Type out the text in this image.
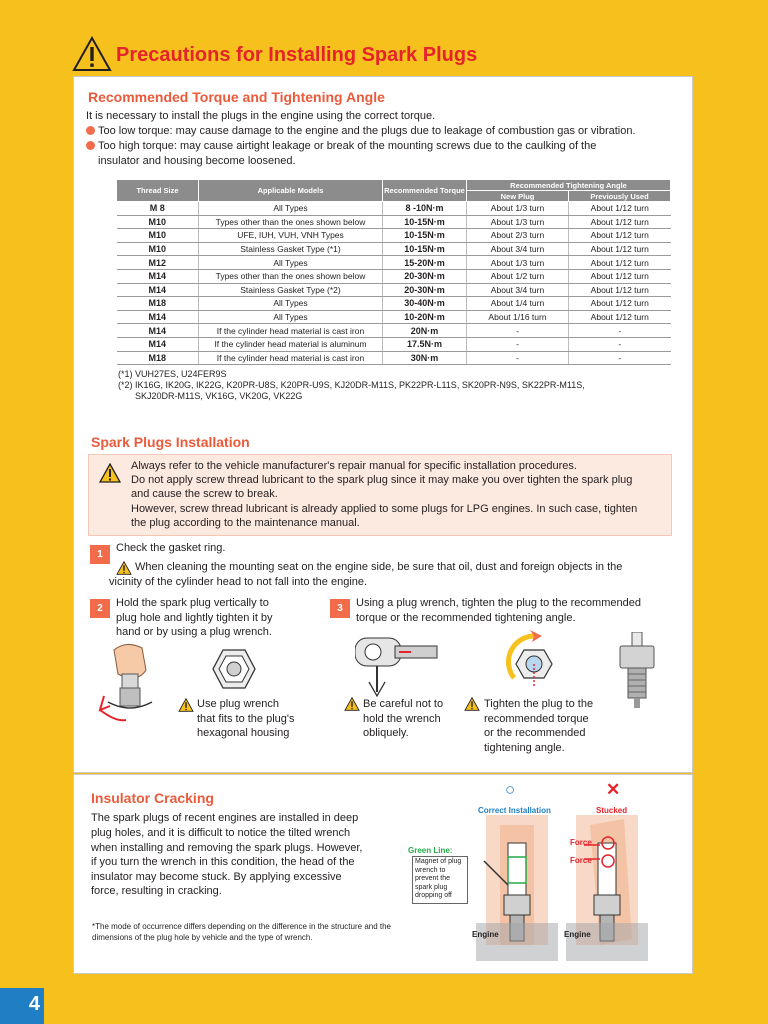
Precautions for Installing Spark Plugs
Recommended Torque and Tightening Angle
It is necessary to install the plugs in the engine using the correct torque.
Too low torque: may cause damage to the engine and the plugs due to leakage of combustion gas or vibration.
Too high torque: may cause airtight leakage or break of the mounting screws due to the caulking of the
insulator and housing become loosened.
Thread Size	Applicable Models	Recommended Torque	Recommended Tightening Angle	
			New Plug	Previously Used
M 8	All Types	8 -10N·m	About 1/3 turn	About 1/12 turn
M10	Types other than the ones shown below	10-15N·m	About 1/3 turn	About 1/12 turn
M10	UFE, IUH, VUH, VNH Types	10-15N·m	About 2/3 turn	About 1/12 turn
M10	Stainless Gasket Type (*1)	10-15N·m	About 3/4 turn	About 1/12 turn
M12	All Types	15-20N·m	About 1/3 turn	About 1/12 turn
M14	Types other than the ones shown below	20-30N·m	About 1/2 turn	About 1/12 turn
M14	Stainless Gasket Type (*2)	20-30N·m	About 3/4 turn	About 1/12 turn
M18	All Types	30-40N·m	About 1/4 turn	About 1/12 turn
M14	All Types	10-20N·m	About 1/16 turn	About 1/12 turn
M14	If the cylinder head material is cast iron	20N·m	-	-
M14	If the cylinder head material is aluminum	17.5N·m	-	-
M18	If the cylinder head material is cast iron	30N·m	-	-
(*1) VUH27ES, U24FER9S
(*2) IK16G, IK20G, IK22G, K20PR-U8S, K20PR-U9S, KJ20DR-M11S, PK22PR-L11S, SK20PR-N9S, SK22PR-M11S,
SKJ20DR-M11S, VK16G, VK20G, VK22G
Spark Plugs Installation
Always refer to the vehicle manufacturer's repair manual for specific installation procedures.
Do not apply screw thread lubricant to the spark plug since it may make you over tighten the spark plug
and cause the screw to break.
However, screw thread lubricant is already applied to some plugs for LPG engines. In such case, tighten
the plug according to the maintenance manual.
1
Check the gasket ring.
When cleaning the mounting seat on the engine side, be sure that oil, dust and foreign objects in the
vicinity of the cylinder head to not fall into the engine.
2	Hold the spark plug vertically to
plug hole and lightly tighten it by
hand or by using a plug wrench.
3	Using a plug wrench, tighten the plug to the recommended
torque or the recommended tightening angle.
Use plug wrench
that fits to the plug's
hexagonal housing
Be careful not to
hold the wrench
obliquely.
Tighten the plug to the
recommended torque
or the recommended
tightening angle.
Insulator Cracking
The spark plugs of recent engines are installed in deep
plug holes, and it is difficult to notice the tilted wrench
when installing and removing the spark plugs. However,
if you turn the wrench in this condition, the head of the
insulator may become stuck. By applying excessive
force, resulting in cracking.
*The mode of occurrence differs depending on the difference in the structure and the dimensions of the plug hole by vehicle and the type of wrench.
○
Correct Installation
✕
Stucked
Green Line:
Magnet of plug
wrench to
prevent the
spark plug
dropping off
Force
Force
Engine	Engine
4
